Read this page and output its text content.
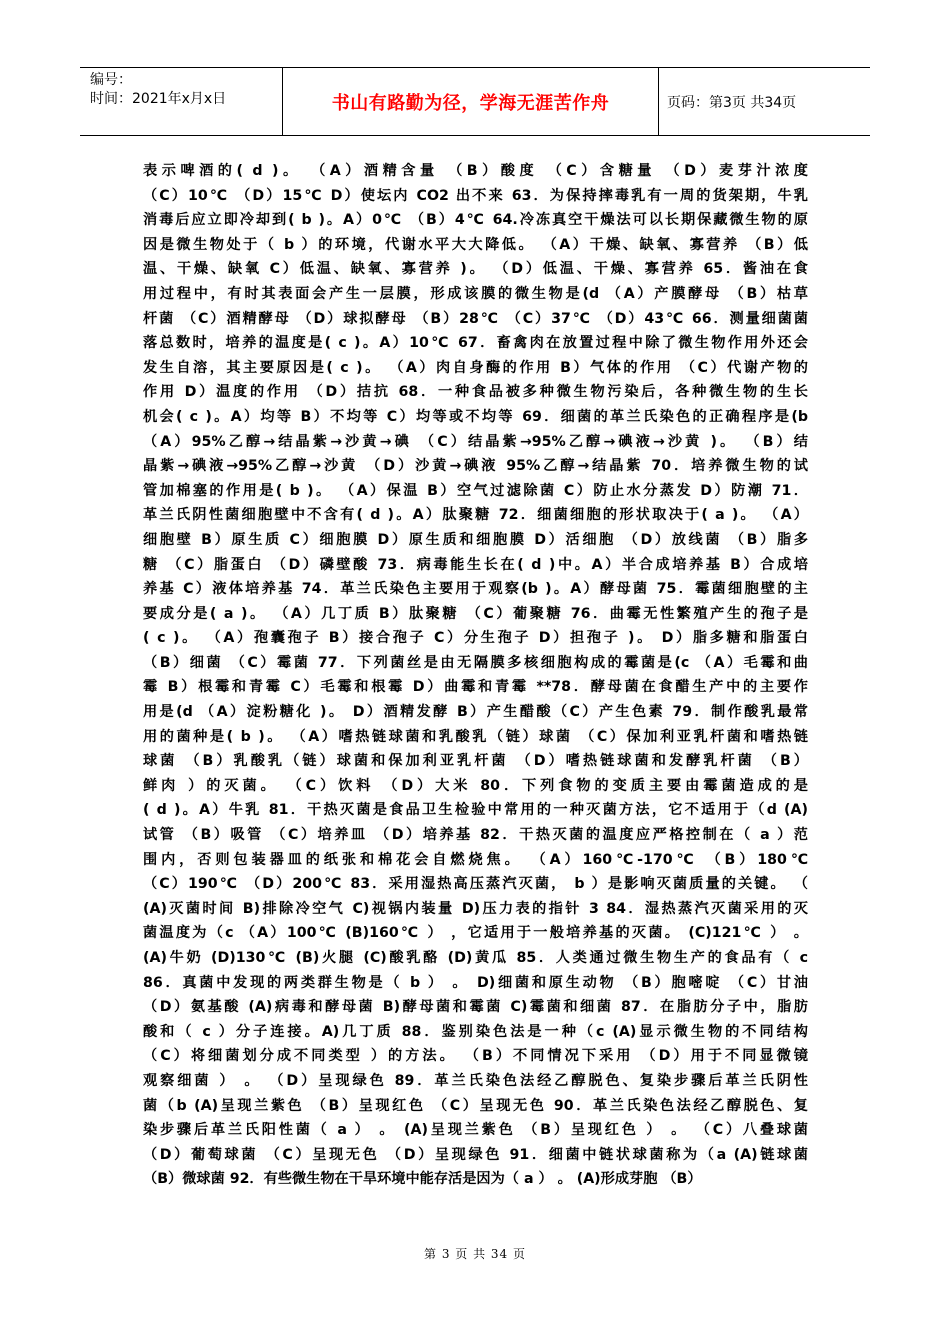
编号：
时间：2021年x月x日	书山有路勤为径，学海无涯苦作舟	页码：第3页 共34页
表示啤酒的( d )。 （A）酒精含量 （B）酸度 （C）含糖量 （D）麦芽汁浓度
（C）10℃ （D）15℃ D）使坛内 CO2 出不来 63．为保持摔毒乳有一周的货架期，牛乳
消毒后应立即冷却到( b )。A）0℃ （B）4℃ 64.冷冻真空干燥法可以长期保藏微生物的原
因是微生物处于（ b ）的环境，代谢水平大大降低。 （A）干燥、缺氧、寡营养 （B）低
温、干燥、缺氧 C）低温、缺氧、寡营养 )。 （D）低温、干燥、寡营养 65．酱油在食
用过程中，有时其表面会产生一层膜，形成该膜的微生物是(d （A）产膜酵母 （B）枯草
杆菌 （C）酒精酵母 （D）球拟酵母 （B）28℃ （C）37℃ （D）43℃ 66．测量细菌菌
落总数时，培养的温度是( c )。A）10℃ 67．畜禽肉在放置过程中除了微生物作用外还会
发生自溶，其主要原因是( c )。 （A）肉自身酶的作用 B）气体的作用 （C）代谢产物的
作用 D）温度的作用 （D）拮抗 68．一种食品被多种微生物污染后，各种微生物的生长
机会( c )。A）均等 B）不均等 C）均等或不均等 69．细菌的革兰氏染色的正确程序是(b
（A）95%乙醇→结晶紫→沙黄→碘 （C）结晶紫→95%乙醇→碘液→沙黄 )。 （B）结
晶紫→碘液→95%乙醇→沙黄 （D）沙黄→碘液 95%乙醇→结晶紫 70．培养微生物的试
管加棉塞的作用是( b )。 （A）保温 B）空气过滤除菌 C）防止水分蒸发 D）防潮 71．
革兰氏阴性菌细胞壁中不含有( d )。A）肽聚糖 72．细菌细胞的形状取决于( a )。 （A）
细胞壁 B）原生质 C）细胞膜 D）原生质和细胞膜 D）活细胞 （D）放线菌 （B）脂多
糖 （C）脂蛋白 （D）磷壁酸 73．病毒能生长在( d )中。A）半合成培养基 B）合成培
养基 C）液体培养基 74．革兰氏染色主要用于观察(b )。A）酵母菌 75．霉菌细胞壁的主
要成分是( a )。 （A）几丁质 B）肽聚糖 （C）葡聚糖 76．曲霉无性繁殖产生的孢子是
( c )。 （A）孢囊孢子 B）接合孢子 C）分生孢子 D）担孢子 )。 D）脂多糖和脂蛋白
（B）细菌 （C）霉菌 77．下列菌丝是由无隔膜多核细胞构成的霉菌是(c （A）毛霉和曲
霉 B）根霉和青霉 C）毛霉和根霉 D）曲霉和青霉 **78．酵母菌在食醋生产中的主要作
用是(d （A）淀粉糖化 )。 D）酒精发酵 B）产生醋酸（C）产生色素 79．制作酸乳最常
用的菌种是( b )。 （A）嗜热链球菌和乳酸乳（链）球菌 （C）保加利亚乳杆菌和嗜热链
球菌 （B）乳酸乳（链）球菌和保加利亚乳杆菌 （D）嗜热链球菌和发酵乳杆菌 （B）
鲜肉 ）的灭菌。 （C）饮料 （D）大米 80．下列食物的变质主要由霉菌造成的是
( d )。A）牛乳 81．干热灭菌是食品卫生检验中常用的一种灭菌方法，它不适用于（d (A)
试管 （B）吸管 （C）培养皿 （D）培养基 82．干热灭菌的温度应严格控制在（ a ）范
围内，否则包装器皿的纸张和棉花会自燃烧焦。 （A）160℃-170℃ （B）180℃
（C）190℃ （D）200℃ 83．采用湿热高压蒸汽灭菌， b ）是影响灭菌质量的关键。 （
(A)灭菌时间 B)排除冷空气 C)视锅内装量 D)压力表的指针 3 84．湿热蒸汽灭菌采用的灭
菌温度为（c （A）100℃ (B)160℃ ） ，它适用于一般培养基的灭菌。 (C)121℃ ） 。
(A)牛奶 (D)130℃ (B)火腿 (C)酸乳酪 (D)黄瓜 85．人类通过微生物生产的食品有（ c
86．真菌中发现的两类群生物是（ b ） 。 D)细菌和原生动物 （B）胞嘧啶 （C）甘油
（D）氨基酸 (A)病毒和酵母菌 B)酵母菌和霉菌 C)霉菌和细菌 87．在脂肪分子中，脂肪
酸和（ c ）分子连接。A)几丁质 88．鉴别染色法是一种（c (A)显示微生物的不同结构
（C）将细菌划分成不同类型 ）的方法。 （B）不同情况下采用 （D）用于不同显微镜
观察细菌 ） 。 （D）呈现绿色 89．革兰氏染色法经乙醇脱色、复染步骤后革兰氏阴性
菌（b (A)呈现兰紫色 （B）呈现红色 （C）呈现无色 90．革兰氏染色法经乙醇脱色、复
染步骤后革兰氏阳性菌（ a ） 。 (A)呈现兰紫色 （B）呈现红色 ） 。 （C）八叠球菌
（D）葡萄球菌 （C）呈现无色 （D）呈现绿色 91．细菌中链状球菌称为（a (A)链球菌
（B）微球菌 92．有些微生物在干旱环境中能存活是因为（ a ） 。 (A)形成芽胞 （B）
第 3 页 共 34 页
